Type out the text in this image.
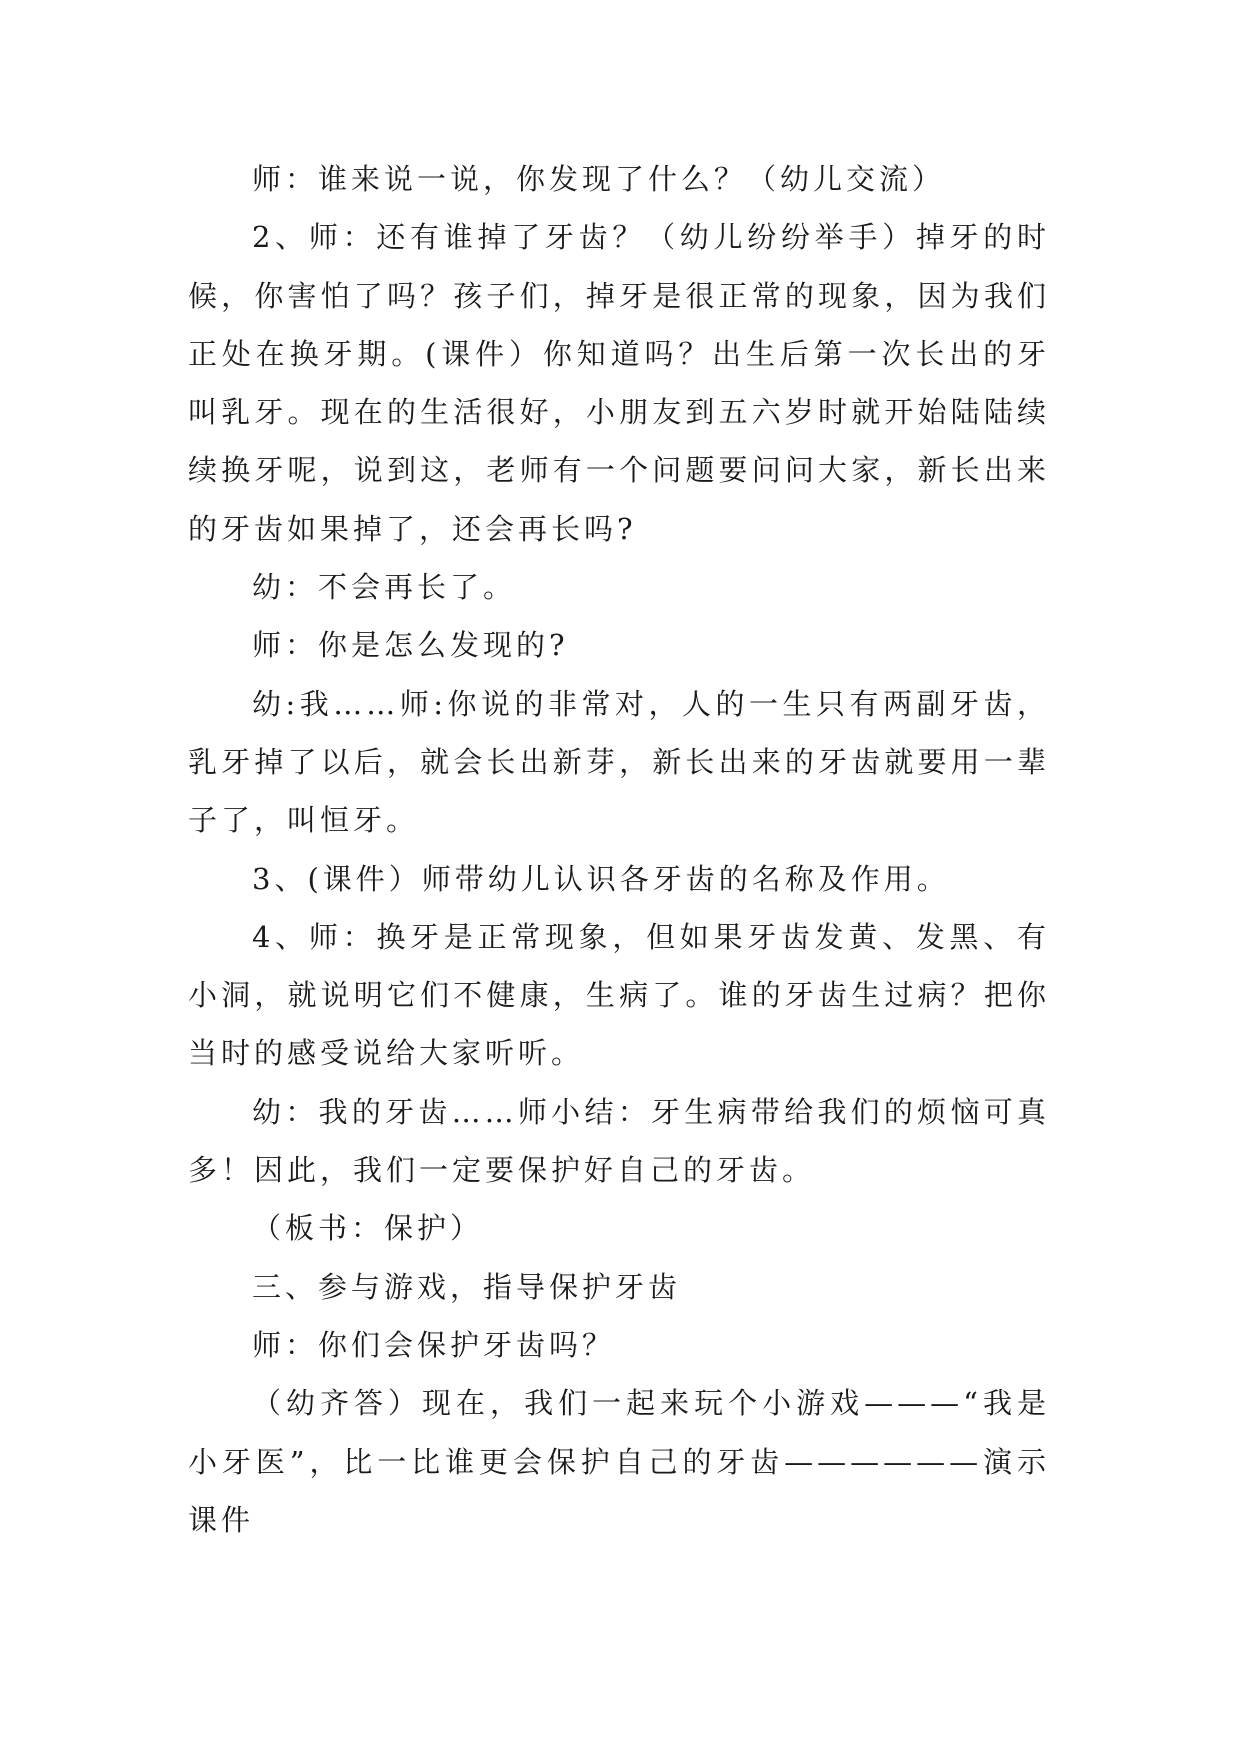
师：谁来说一说，你发现了什么？（幼儿交流）

2、师：还有谁掉了牙齿？（幼儿纷纷举手）掉牙的时候，你害怕了吗？孩子们，掉牙是很正常的现象，因为我们正处在换牙期。(课件）你知道吗？出生后第一次长出的牙叫乳牙。现在的生活很好，小朋友到五六岁时就开始陆陆续续换牙呢，说到这，老师有一个问题要问问大家，新长出来的牙齿如果掉了，还会再长吗?

幼：不会再长了。

师：你是怎么发现的?

幼:我……师:你说的非常对，人的一生只有两副牙齿，乳牙掉了以后，就会长出新芽，新长出来的牙齿就要用一辈子了，叫恒牙。

3、(课件）师带幼儿认识各牙齿的名称及作用。

4、师：换牙是正常现象，但如果牙齿发黄、发黑、有小洞，就说明它们不健康，生病了。谁的牙齿生过病？把你当时的感受说给大家听听。

幼：我的牙齿……师小结：牙生病带给我们的烦恼可真多！因此，我们一定要保护好自己的牙齿。

（板书：保护）

三、参与游戏，指导保护牙齿

师：你们会保护牙齿吗？

（幼齐答）现在，我们一起来玩个小游戏———“我是小牙医”，比一比谁更会保护自己的牙齿——————演示课件
